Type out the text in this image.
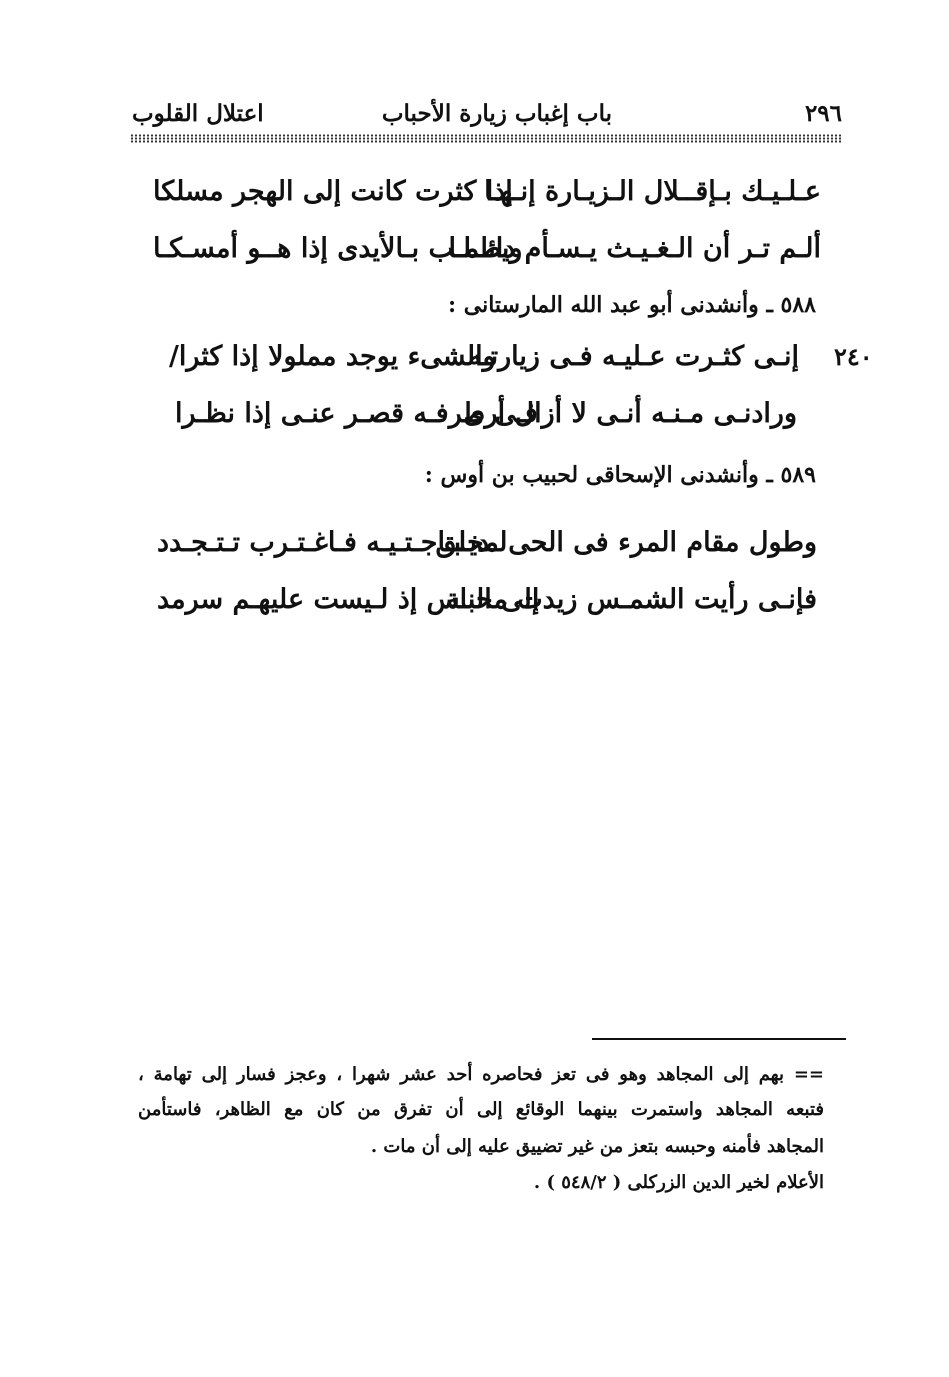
٢٩٦
باب إغباب زيارة الأحباب
اعتلال القلوب
عـلـيـك بـإقــلال الـزيـارة إنـهـا
إذا كثرت كانت إلى الهجر مسلكا
ألـم تـر أن الـغـيـث يـسـأم دائـمـا
ويطـلـب بـالأيدى إذا هــو أمسـكـا
٥٨٨ ـ وأنشدنى أبو عبد الله المارستانى :
٢٤٠
إنـى كثـرت عـليـه فـى زيارتـه
والشىء يوجد مملولا إذا كثرا/
ورادنـى مـنـه أنـى لا أزال أرى
فـى طرفـه قصـر عنـى إذا نظـرا
٥٨٩ ـ وأنشدنى الإسحاقى لحبيب بن أوس :
وطول مقام المرء فى الحى مخلق
لـديـبـاجـتـيـه فـاغـتـرب تـتـجـدد
فإنـى رأيت الشمـس زيدت محبـة
إلى الناس إذ لـيست عليهـم سرمد
== بهم إلى المجاهد وهو فى تعز فحاصره أحد عشر شهرا ، وعجز فسار إلى تهامة ،
فتبعه المجاهد واستمرت بينهما الوقائع إلى أن تفرق من كان مع الظاهر، فاستأمن
المجاهد فأمنه وحبسه بتعز من غير تضييق عليه إلى أن مات .
الأعلام لخير الدين الزركلى ( ٥٤٨/٢ ) .
